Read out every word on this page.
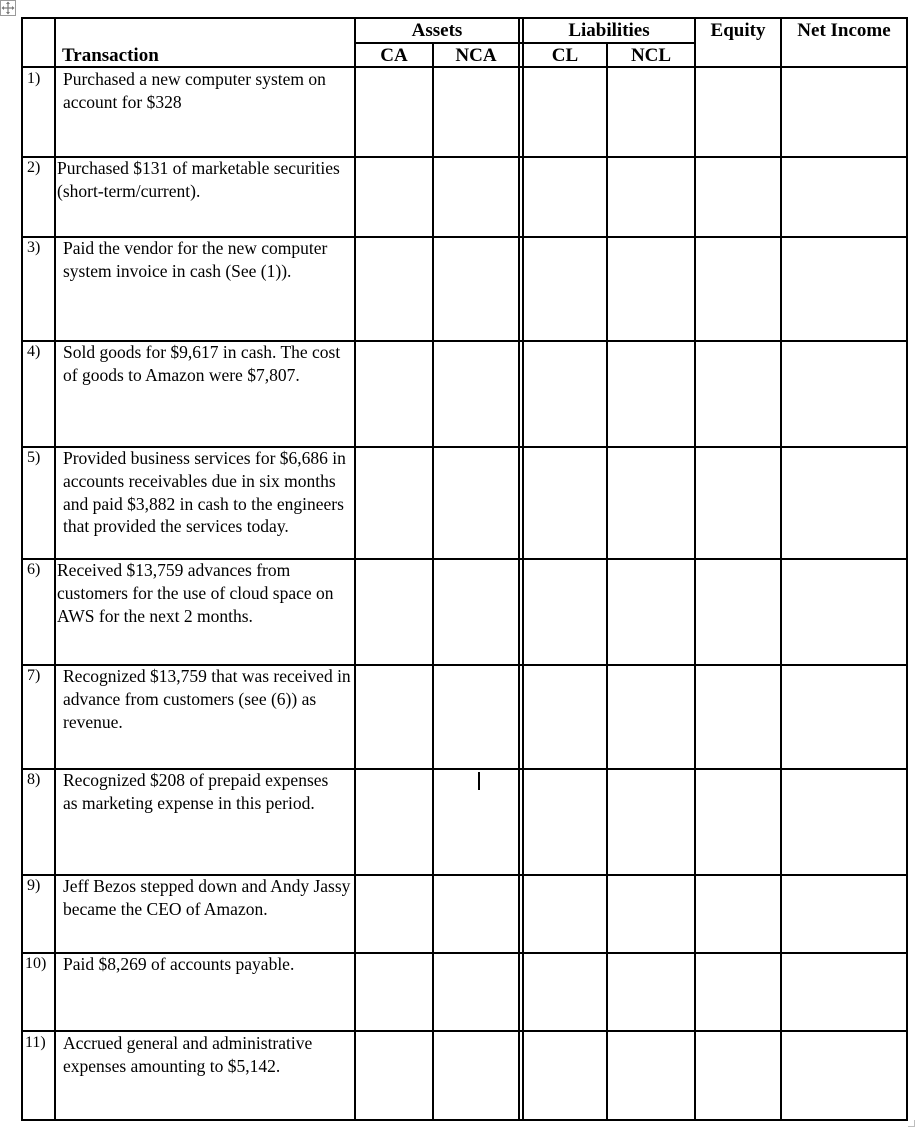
Transaction
Assets
CA	NCA
Liabilities
CL	NCL
Equity	Net Income
1) Purchased a new computer system on account for $328
2) Purchased $131 of marketable securities (short-term/current).
3) Paid the vendor for the new computer system invoice in cash (See (1)).
4) Sold goods for $9,617 in cash. The cost of goods to Amazon were $7,807.
5) Provided business services for $6,686 in accounts receivables due in six months and paid $3,882 in cash to the engineers that provided the services today.
6) Received $13,759 advances from customers for the use of cloud space on AWS for the next 2 months.
7) Recognized $13,759 that was received in advance from customers (see (6)) as revenue.
8) Recognized $208 of prepaid expenses as marketing expense in this period.
9) Jeff Bezos stepped down and Andy Jassy became the CEO of Amazon.
10) Paid $8,269 of accounts payable.
11) Accrued general and administrative expenses amounting to $5,142.
